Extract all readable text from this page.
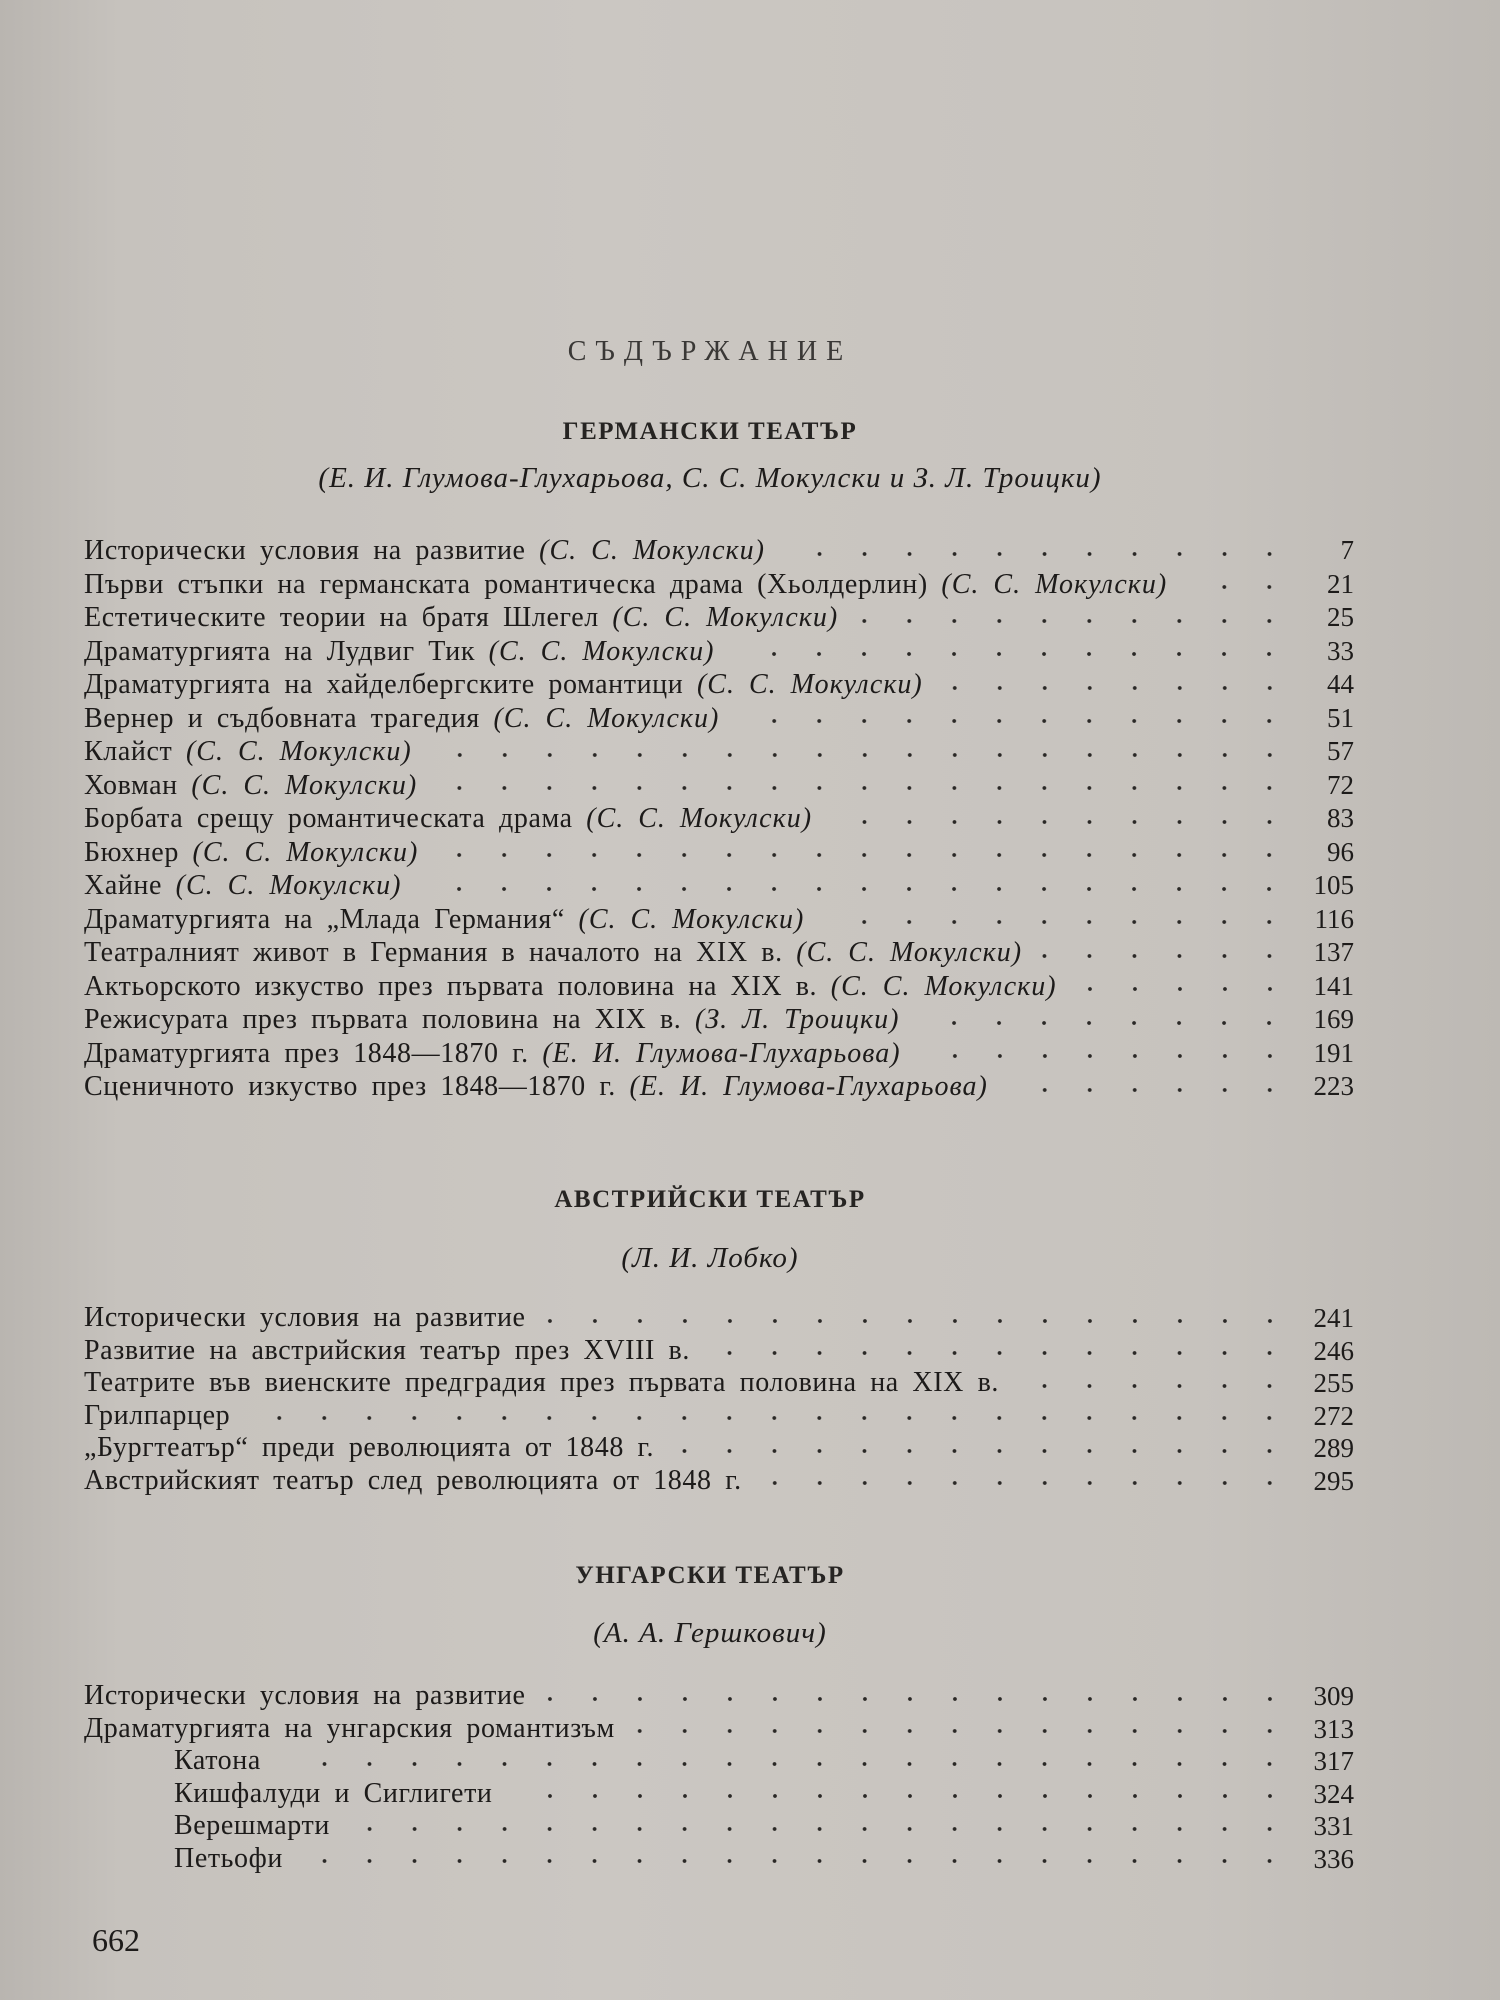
СЪДЪРЖАНИЕ
ГЕРМАНСКИ ТЕАТЪР
(Е. И. Глумова-Глухарьова, С. С. Мокулски и З. Л. Троицки)
Исторически условия на развитие (С. С. Мокулски)	7
Първи стъпки на германската романтическа драма (Хьолдерлин) (С. С. Мокулски)	21
Естетическите теории на братя Шлегел (С. С. Мокулски)	25
Драматургията на Лудвиг Тик (С. С. Мокулски)	33
Драматургията на хайделбергските романтици (С. С. Мокулски)	44
Вернер и съдбовната трагедия (С. С. Мокулски)	51
Клайст (С. С. Мокулски)	57
Ховман (С. С. Мокулски)	72
Борбата срещу романтическата драма (С. С. Мокулски)	83
Бюхнер (С. С. Мокулски)	96
Хайне (С. С. Мокулски)	105
Драматургията на „Млада Германия“ (С. С. Мокулски)	116
Театралният живот в Германия в началото на XIX в. (С. С. Мокулски)	137
Актьорското изкуство през първата половина на XIX в. (С. С. Мокулски)	141
Режисурата през първата половина на XIX в. (З. Л. Троицки)	169
Драматургията през 1848—1870 г. (Е. И. Глумова-Глухарьова)	191
Сценичното изкуство през 1848—1870 г. (Е. И. Глумова-Глухарьова)	223
АВСТРИЙСКИ ТЕАТЪР
(Л. И. Лобко)
Исторически условия на развитие	241
Развитие на австрийския театър през XVIII в.	246
Театрите във виенските предградия през първата половина на XIX в.	255
Грилпарцер	272
„Бургтеатър“ преди революцията от 1848 г.	289
Австрийският театър след революцията от 1848 г.	295
УНГАРСКИ ТЕАТЪР
(А. А. Гершкович)
Исторически условия на развитие	309
Драматургията на унгарския романтизъм	313
Катона	317
Кишфалуди и Сиглигети	324
Верешмарти	331
Петьофи	336
662
